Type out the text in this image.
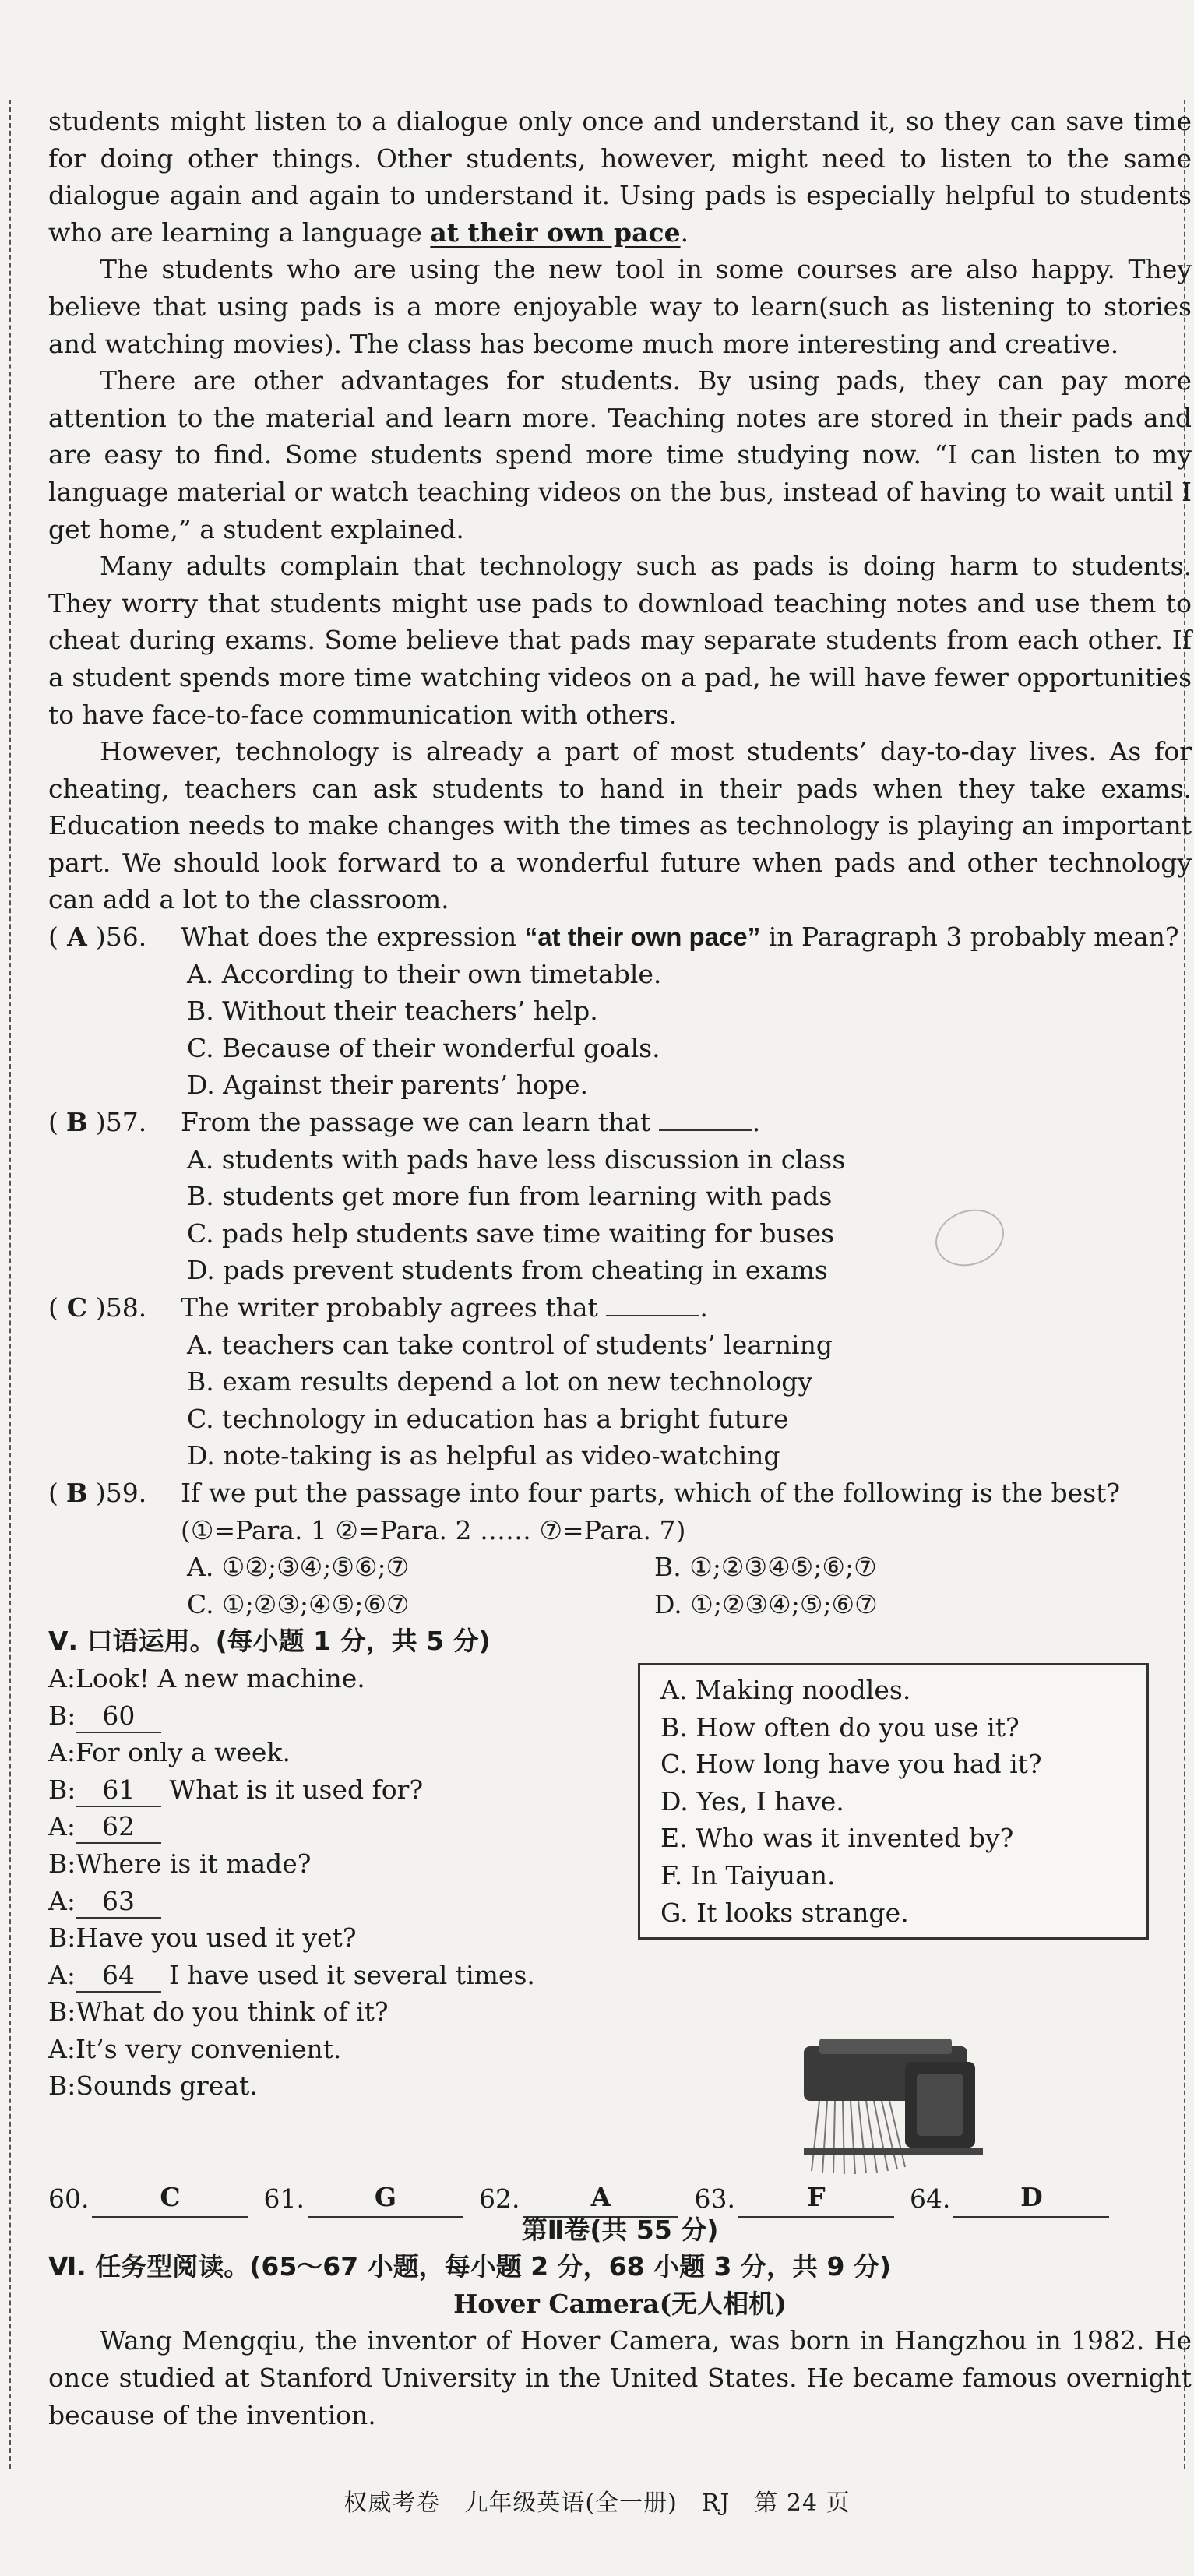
students might listen to a dialogue only once and understand it, so they can save time for doing other things. Other students, however, might need to listen to the same dialogue again and again to understand it. Using pads is especially helpful to students who are learning a language at their own pace.

The students who are using the new tool in some courses are also happy. They believe that using pads is a more enjoyable way to learn(such as listening to stories and watching movies). The class has become much more interesting and creative.

There are other advantages for students. By using pads, they can pay more attention to the material and learn more. Teaching notes are stored in their pads and are easy to find. Some students spend more time studying now. “I can listen to my language material or watch teaching videos on the bus, instead of having to wait until I get home,” a student explained.

Many adults complain that technology such as pads is doing harm to students. They worry that students might use pads to download teaching notes and use them to cheat during exams. Some believe that pads may separate students from each other. If a student spends more time watching videos on a pad, he will have fewer opportunities to have face-to-face communication with others.

However, technology is already a part of most students’ day-to-day lives. As for cheating, teachers can ask students to hand in their pads when they take exams. Education needs to make changes with the times as technology is playing an important part. We should look forward to a wonderful future when pads and other technology can add a lot to the classroom.

( A )56.	What does the expression “at their own pace” in Paragraph 3 probably mean?

A. According to their own timetable.
B. Without their teachers’ help.
C. Because of their wonderful goals.
D. Against their parents’ hope.
( B )57.	From the passage we can learn that	.
A. students with pads have less discussion in class
B. students get more fun from learning with pads
C. pads help students save time waiting for buses
D. pads prevent students from cheating in exams
( C )58.	The writer probably agrees that	.
A. teachers can take control of students’ learning
B. exam results depend a lot on new technology
C. technology in education has a bright future
D. note-taking is as helpful as video-watching
( B )59.	If we put the passage into four parts, which of the following is the best? (①=Para. 1 ②=Para. 2 …… ⑦=Para. 7)

A. ①②;③④;⑤⑥;⑦	B. ①;②③④⑤;⑥;⑦
C. ①;②③;④⑤;⑥⑦	D. ①;②③④;⑤;⑥⑦
Ⅴ. 口语运用。(每小题 1 分，共 5 分)
A:Look! A new machine.
B: 60
A:For only a week.
B: 61 What is it used for?
A: 62
B:Where is it made?
A: 63
B:Have you used it yet?
A: 64 I have used it several times.
B:What do you think of it?
A:It’s very convenient.
B:Sounds great.
A. Making noodles.
B. How often do you use it?
C. How long have you had it?
D. Yes, I have.
E. Who was it invented by?
F. In Taiyuan.
G. It looks strange.
60.	C	61.	G	62.	A	63.	F	64.	D
第Ⅱ卷(共 55 分)
Ⅵ. 任务型阅读。(65～67 小题，每小题 2 分，68 小题 3 分，共 9 分)
Hover Camera(无人相机)

Wang Mengqiu, the inventor of Hover Camera, was born in Hangzhou in 1982. He once studied at Stanford University in the United States. He became famous overnight because of the invention.

权威考卷　九年级英语(全一册)　RJ　第 24 页
